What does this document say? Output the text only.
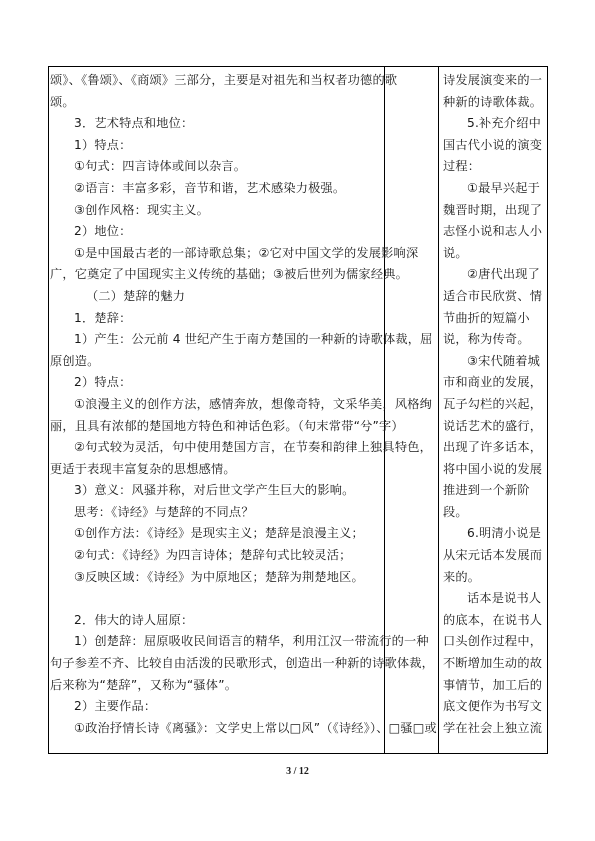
颂》、《鲁颂》、《商颂》三部分，主要是对祖先和当权者功德的歌

颂。

3．艺术特点和地位：

1）特点：

①句式：四言诗体或间以杂言。

②语言：丰富多彩，音节和谐，艺术感染力极强。

③创作风格：现实主义。

2）地位：

①是中国最古老的一部诗歌总集；②它对中国文学的发展影响深

广，它奠定了中国现实主义传统的基础；③被后世列为儒家经典。

（二）楚辞的魅力

1．楚辞：

1）产生：公元前 4 世纪产生于南方楚国的一种新的诗歌体裁，屈

原创造。

2）特点：

①浪漫主义的创作方法，感情奔放，想像奇特，文采华美，风格绚

丽，且具有浓郁的楚国地方特色和神话色彩。（句末常带“兮”字）

②句式较为灵活，句中使用楚国方言，在节奏和韵律上独具特色，

更适于表现丰富复杂的思想感情。

3）意义：风骚并称，对后世文学产生巨大的影响。

思考：《诗经》与楚辞的不同点？

①创作方法：《诗经》是现实主义；楚辞是浪漫主义；

②句式：《诗经》为四言诗体；楚辞句式比较灵活；

③反映区域：《诗经》为中原地区；楚辞为荆楚地区。

2．伟大的诗人屈原：

1）创楚辞：屈原吸收民间语言的精华，利用江汉一带流行的一种

句子参差不齐、比较自由活泼的民歌形式，创造出一种新的诗歌体裁，

后来称为“楚辞”，又称为“骚体”。

2）主要作品：

①政治抒情长诗《离骚》：文学史上常以□风”（《诗经》）、□骚□或

诗发展演变来的一

种新的诗歌体裁。

5.补充介绍中

国古代小说的演变

过程：

①最早兴起于

魏晋时期，出现了

志怪小说和志人小

说。

②唐代出现了

适合市民欣赏、情

节曲折的短篇小

说，称为传奇。

③宋代随着城

市和商业的发展，

瓦子勾栏的兴起，

说话艺术的盛行，

出现了许多话本，

将中国小说的发展

推进到一个新阶

段。

6.明清小说是

从宋元话本发展而

来的。

话本是说书人

的底本，在说书人

口头创作过程中，

不断增加生动的故

事情节，加工后的

底文便作为书写文

学在社会上独立流

3 / 12
